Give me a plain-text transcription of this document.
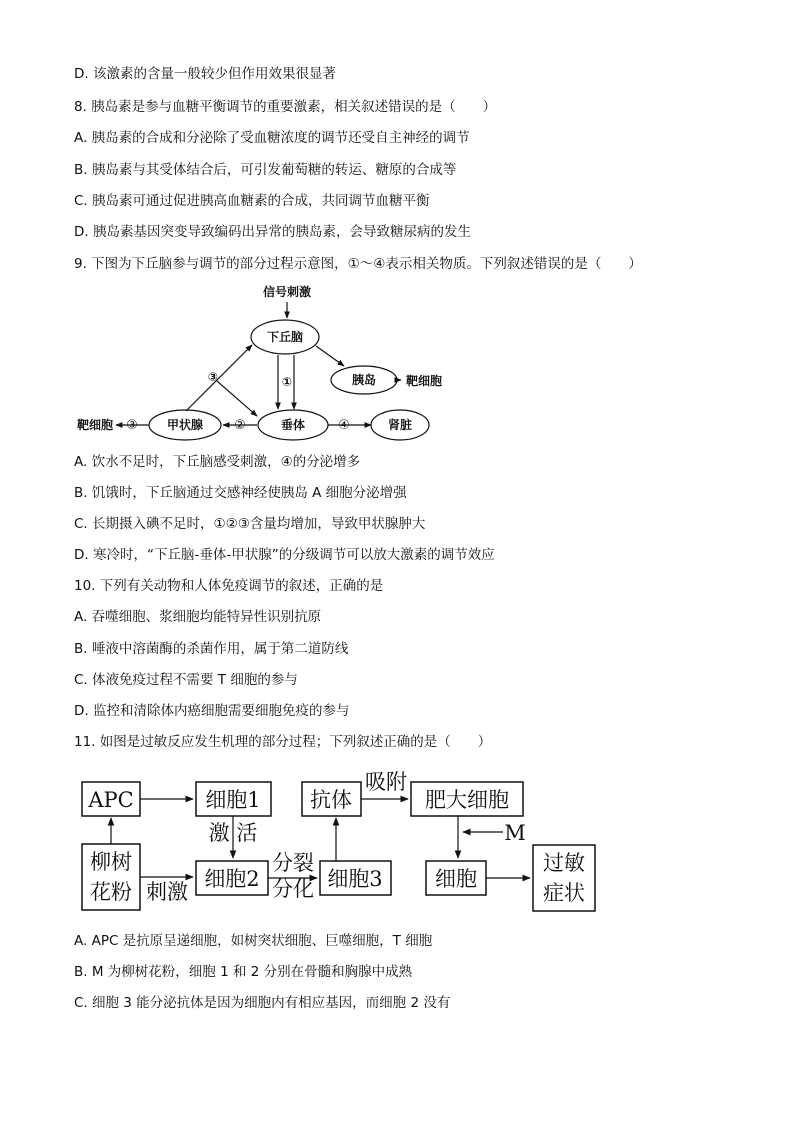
D. 该激素的含量一般较少但作用效果很显著
8. 胰岛素是参与血糖平衡调节的重要激素，相关叙述错误的是（　　）
A. 胰岛素的合成和分泌除了受血糖浓度的调节还受自主神经的调节
B. 胰岛素与其受体结合后，可引发葡萄糖的转运、糖原的合成等
C. 胰岛素可通过促进胰高血糖素的合成，共同调节血糖平衡
D. 胰岛素基因突变导致编码出异常的胰岛素，会导致糖尿病的发生
9. 下图为下丘脑参与调节的部分过程示意图，①～④表示相关物质。下列叙述错误的是（　　）
信号刺激
下丘脑
胰岛 靶细胞
①
③
甲状腺	垂体
②
③
靶细胞	④	肾脏
A. 饮水不足时，下丘脑感受刺激，④的分泌增多
B. 饥饿时，下丘脑通过交感神经使胰岛 A 细胞分泌增强
C. 长期摄入碘不足时，①②③含量均增加，导致甲状腺肿大
D. 寒冷时，“下丘脑-垂体-甲状腺”的分级调节可以放大激素的调节效应
10. 下列有关动物和人体免疫调节的叙述，正确的是
A. 吞噬细胞、浆细胞均能特异性识别抗原
B. 唾液中溶菌酶的杀菌作用，属于第二道防线
C. 体液免疫过程不需要 T 细胞的参与
D. 监控和清除体内癌细胞需要细胞免疫的参与
11. 如图是过敏反应发生机理的部分过程；下列叙述正确的是（　　）
APC	细胞1
激 活
抗体
吸附
肥大细胞
M
柳树
花粉 刺激
细胞2
分裂
分化 细胞3 细胞
过敏
症状
A. APC 是抗原呈递细胞，如树突状细胞、巨噬细胞，T 细胞
B. M 为柳树花粉，细胞 1 和 2 分别在骨髓和胸腺中成熟
C. 细胞 3 能分泌抗体是因为细胞内有相应基因，而细胞 2 没有
